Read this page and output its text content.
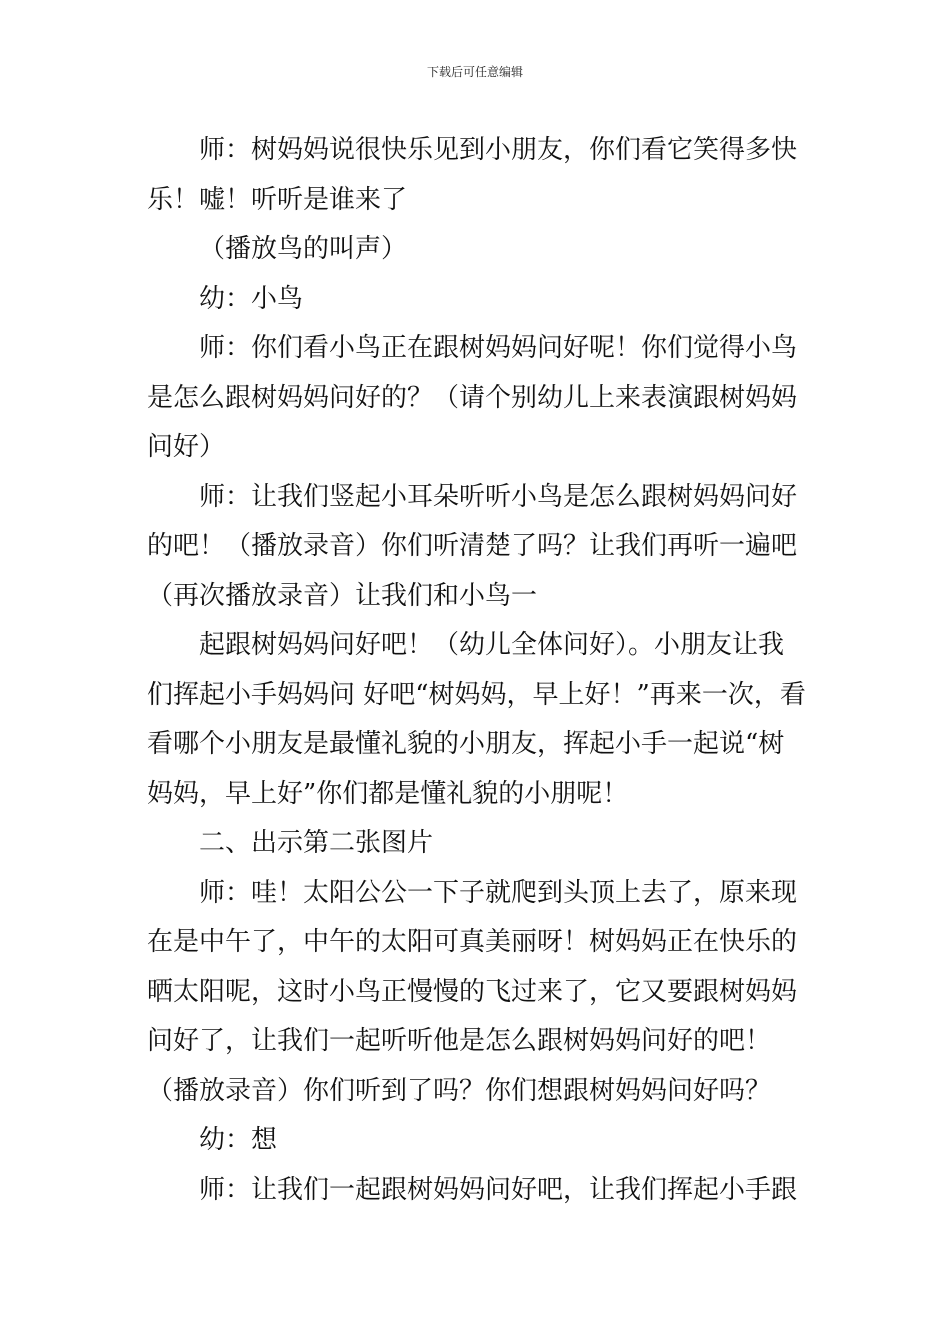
下载后可任意编辑

师：树妈妈说很快乐见到小朋友，你们看它笑得多快乐！嘘！听听是谁来了

（播放鸟的叫声）

幼：小鸟

师：你们看小鸟正在跟树妈妈问好呢！你们觉得小鸟是怎么跟树妈妈问好的？（请个别幼儿上来表演跟树妈妈问好）

师：让我们竖起小耳朵听听小鸟是怎么跟树妈妈问好的吧！（播放录音）你们听清楚了吗？让我们再听一遍吧（再次播放录音）让我们和小鸟一

起跟树妈妈问好吧！（幼儿全体问好）。小朋友让我们挥起小手妈妈问 好吧“树妈妈，早上好！”再来一次，看看哪个小朋友是最懂礼貌的小朋友，挥起小手一起说“树妈妈，早上好”你们都是懂礼貌的小朋呢！

二、出示第二张图片

师：哇！太阳公公一下子就爬到头顶上去了，原来现在是中午了，中午的太阳可真美丽呀！树妈妈正在快乐的晒太阳呢，这时小鸟正慢慢的飞过来了，它又要跟树妈妈问好了，让我们一起听听他是怎么跟树妈妈问好的吧！（播放录音）你们听到了吗？你们想跟树妈妈问好吗？

幼：想

师：让我们一起跟树妈妈问好吧，让我们挥起小手跟
